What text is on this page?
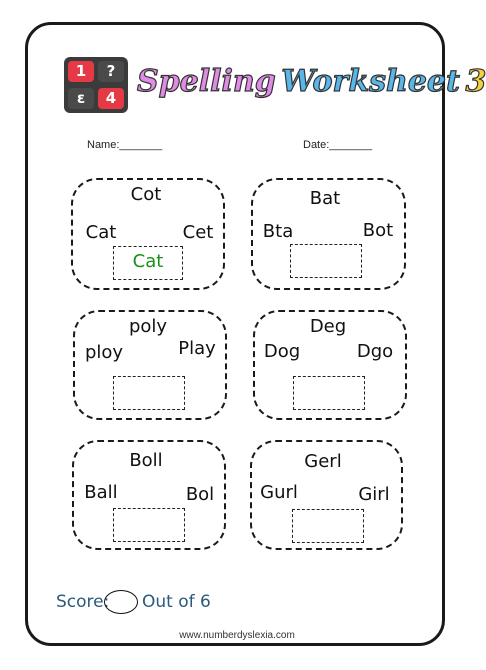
1	?
ɛ	4 Spelling Worksheet 3
Name:_______	Date:_______
Cot
Cat	Cet
Cat
Bat
Bta	Bot
poly
ploy	Play
Deg
Dog	Dgo
Boll
Ball	Bol
Gerl
Gurl	Girl
Score: Out of 6
www.numberdyslexia.com
